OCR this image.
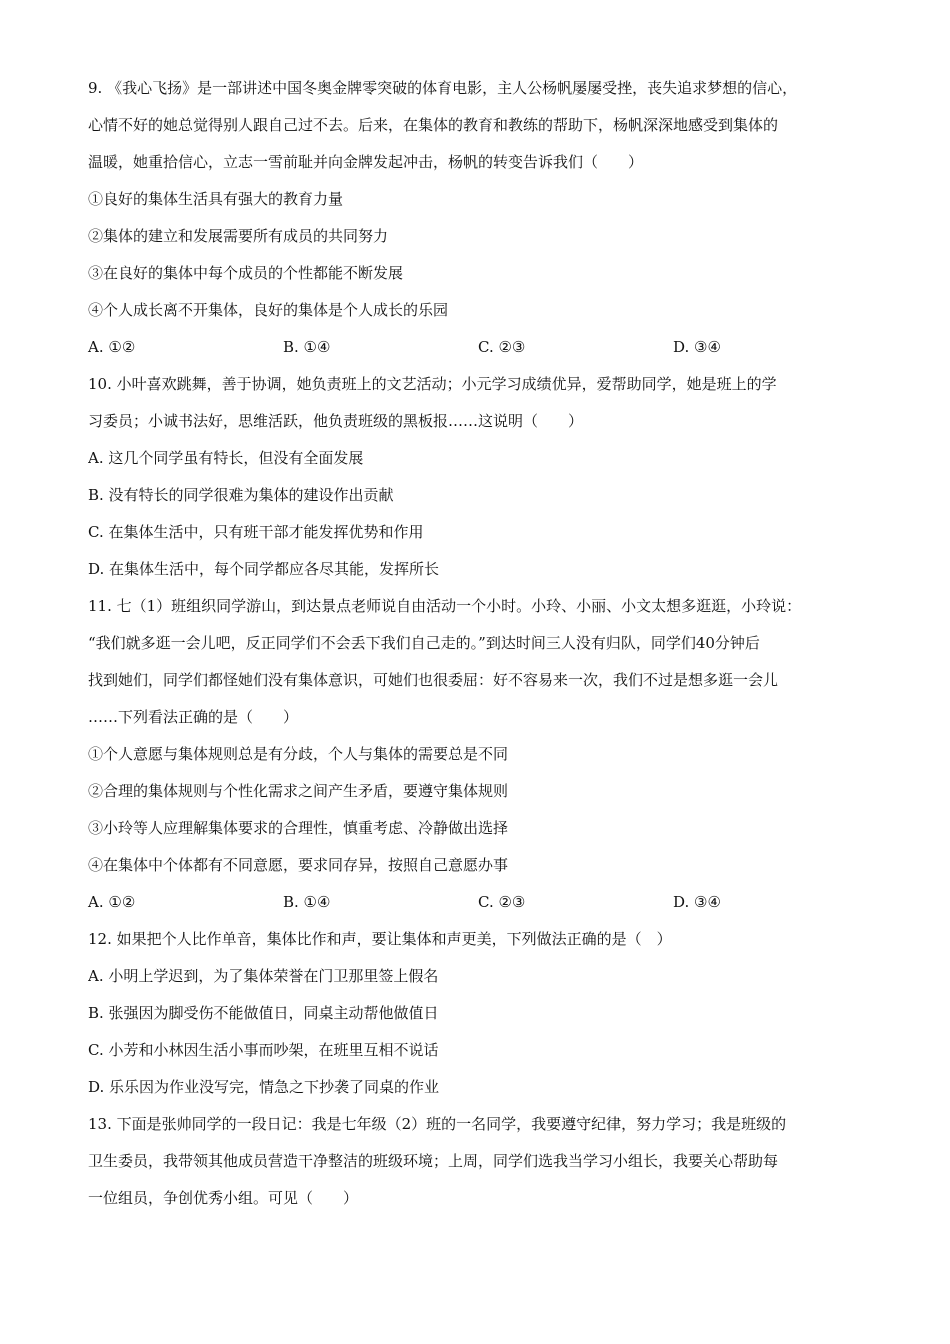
9. 《我心飞扬》是一部讲述中国冬奥金牌零突破的体育电影，主人公杨帆屡屡受挫，丧失追求梦想的信心，
心情不好的她总觉得别人跟自己过不去。后来，在集体的教育和教练的帮助下，杨帆深深地感受到集体的
温暖，她重拾信心，立志一雪前耻并向金牌发起冲击，杨帆的转变告诉我们（　　）
①良好的集体生活具有强大的教育力量
②集体的建立和发展需要所有成员的共同努力
③在良好的集体中每个成员的个性都能不断发展
④个人成长离不开集体，良好的集体是个人成长的乐园
A. ①②	B. ①④	C. ②③	D. ③④
10. 小叶喜欢跳舞，善于协调，她负责班上的文艺活动；小元学习成绩优异，爱帮助同学，她是班上的学
习委员；小诚书法好，思维活跃，他负责班级的黑板报……这说明（　　）
A. 这几个同学虽有特长，但没有全面发展
B. 没有特长的同学很难为集体的建设作出贡献
C. 在集体生活中，只有班干部才能发挥优势和作用
D. 在集体生活中，每个同学都应各尽其能，发挥所长
11. 七（1）班组织同学游山，到达景点老师说自由活动一个小时。小玲、小丽、小文太想多逛逛，小玲说：
“我们就多逛一会儿吧，反正同学们不会丢下我们自己走的。”到达时间三人没有归队，同学们40分钟后
找到她们，同学们都怪她们没有集体意识，可她们也很委屈：好不容易来一次，我们不过是想多逛一会儿
……下列看法正确的是（　　）
①个人意愿与集体规则总是有分歧，个人与集体的需要总是不同
②合理的集体规则与个性化需求之间产生矛盾，要遵守集体规则
③小玲等人应理解集体要求的合理性，慎重考虑、冷静做出选择
④在集体中个体都有不同意愿，要求同存异，按照自己意愿办事
A. ①②	B. ①④	C. ②③	D. ③④
12. 如果把个人比作单音，集体比作和声，要让集体和声更美，下列做法正确的是（　）
A. 小明上学迟到，为了集体荣誉在门卫那里签上假名
B. 张强因为脚受伤不能做值日，同桌主动帮他做值日
C. 小芳和小林因生活小事而吵架，在班里互相不说话
D. 乐乐因为作业没写完，情急之下抄袭了同桌的作业
13. 下面是张帅同学的一段日记：我是七年级（2）班的一名同学，我要遵守纪律，努力学习；我是班级的
卫生委员，我带领其他成员营造干净整洁的班级环境；上周，同学们选我当学习小组长，我要关心帮助每
一位组员，争创优秀小组。可见（　　）
